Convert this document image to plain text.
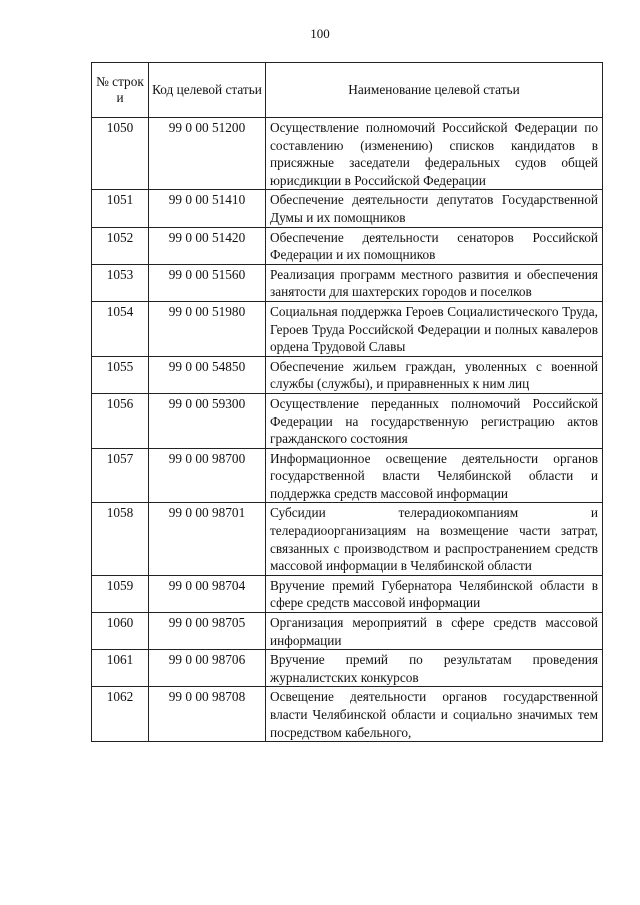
100
№ строк и	Код целевой статьи	Наименование целевой статьи
1050	99 0 00 51200	Осуществление полномочий Российской Федерации по составлению (изменению) списков кандидатов в присяжные заседатели федеральных судов общей юрисдикции в Российской Федерации
1051	99 0 00 51410	Обеспечение деятельности депутатов Государственной Думы и их помощников
1052	99 0 00 51420	Обеспечение деятельности сенаторов Российской Федерации и их помощников
1053	99 0 00 51560	Реализация программ местного развития и обеспечения занятости для шахтерских городов и поселков
1054	99 0 00 51980	Социальная поддержка Героев Социалистического Труда, Героев Труда Российской Федерации и полных кавалеров ордена Трудовой Славы
1055	99 0 00 54850	Обеспечение жильем граждан, уволенных с военной службы (службы), и приравненных к ним лиц
1056	99 0 00 59300	Осуществление переданных полномочий Российской Федерации на государственную регистрацию актов гражданского состояния
1057	99 0 00 98700	Информационное освещение деятельности органов государственной власти Челябинской области и поддержка средств массовой информации
1058	99 0 00 98701	Субсидии телерадиокомпаниям и телерадиоорганизациям на возмещение части затрат, связанных с производством и распространением средств массовой информации в Челябинской области
1059	99 0 00 98704	Вручение премий Губернатора Челябинской области в сфере средств массовой информации
1060	99 0 00 98705	Организация мероприятий в сфере средств массовой информации
1061	99 0 00 98706	Вручение премий по результатам проведения журналистских конкурсов
1062	99 0 00 98708	Освещение деятельности органов государственной власти Челябинской области и социально значимых тем посредством кабельного,
